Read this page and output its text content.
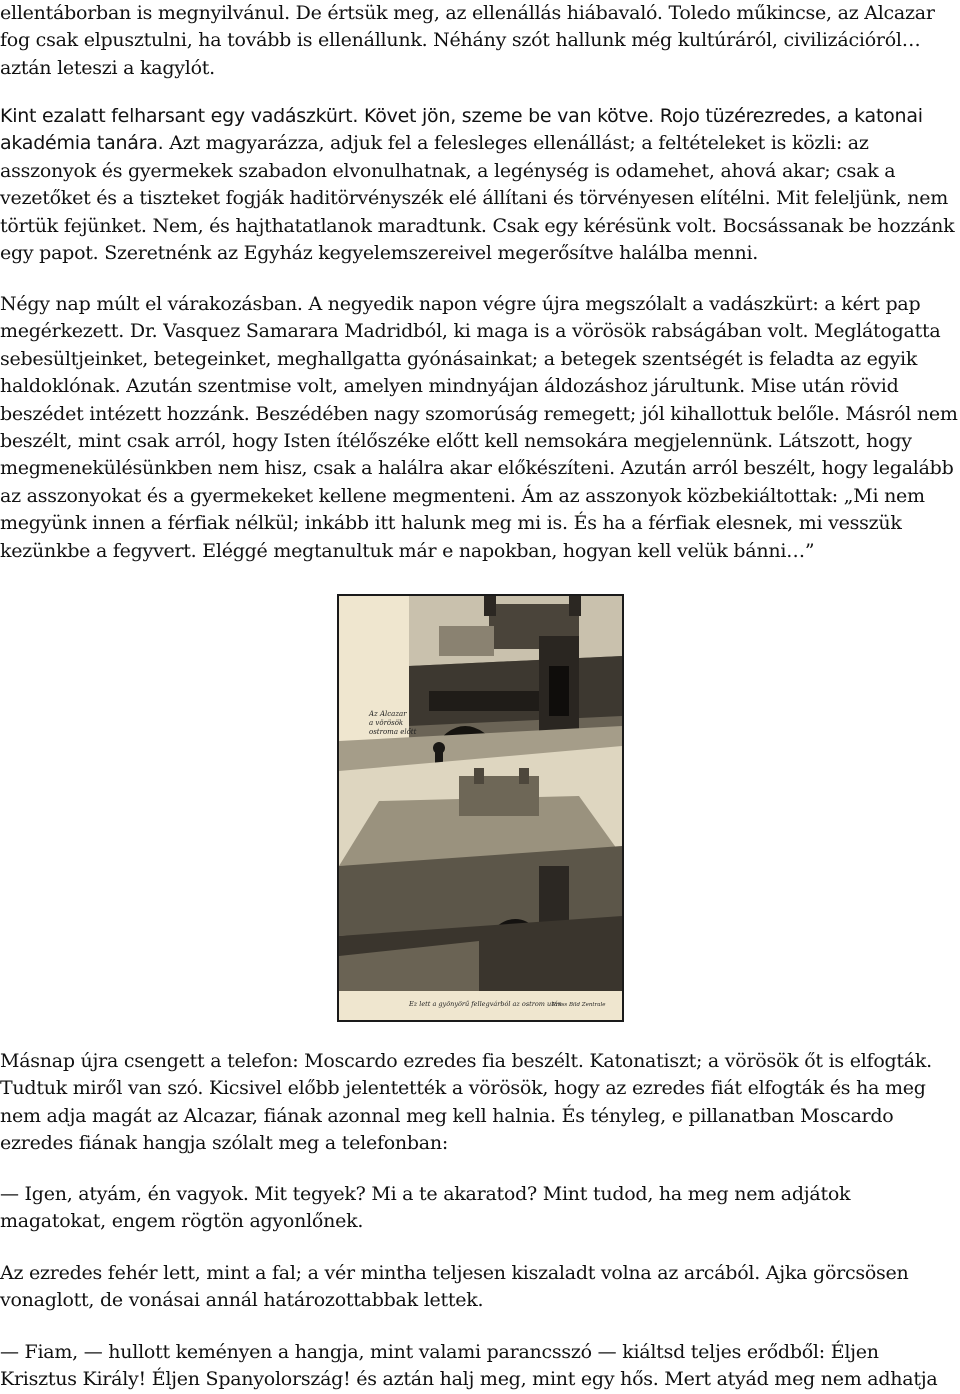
ellentáborban is megnyilvánul. De értsük meg, az ellenállás hiábavaló. Toledo műkincse, az Alcazar fog csak elpusztulni, ha tovább is ellenállunk. Néhány szót hallunk még kultúráról, civilizációról… aztán leteszi a kagylót.

Kint ezalatt felharsant egy vadászkürt. Követ jön, szeme be van kötve. Rojo tüzérezredes, a katonai akadémia tanára. Azt magyarázza, adjuk fel a felesleges ellenállást; a feltételeket is közli: az asszonyok és gyermekek szabadon elvonulhatnak, a legénység is odamehet, ahová akar; csak a vezetőket és a tiszteket fogják haditörvényszék elé állítani és törvényesen elítélni. Mit feleljünk, nem törtük fejünket. Nem, és hajthatatlanok maradtunk. Csak egy kérésünk volt. Bocsássanak be hozzánk egy papot. Szeretnénk az Egyház kegyelemszereivel megerősítve halálba menni.

Négy nap múlt el várakozásban. A negyedik napon végre újra megszólalt a vadászkürt: a kért pap megérkezett. Dr. Vasquez Samarara Madridból, ki maga is a vörösök rabságában volt. Meglátogatta sebesültjeinket, betegeinket, meghallgatta gyónásainkat; a betegek szentségét is feladta az egyik haldoklónak. Azután szentmise volt, amelyen mindnyájan áldozáshoz járultunk. Mise után rövid beszédet intézett hozzánk. Beszédében nagy szomorúság remegett; jól kihallottuk belőle. Másról nem beszélt, mint csak arról, hogy Isten ítélőszéke előtt kell nemsokára megjelennünk. Látszott, hogy megmenekülésünkben nem hisz, csak a halálra akar előkészíteni. Azután arról beszélt, hogy legalább az asszonyokat és a gyermekeket kellene megmenteni. Ám az asszonyok közbekiáltottak: „Mi nem megyünk innen a férfiak nélkül; inkább itt halunk meg mi is. És ha a férfiak elesnek, mi vesszük kezünkbe a fegyvert. Eléggé megtanultuk már e napokban, hogyan kell velük bánni…”

Az Alcazar
a vörösök
ostroma előtt
Ez lett a gyönyörű fellegvárból az ostrom után
Press Bild Zentrale

Másnap újra csengett a telefon: Moscardo ezredes fia beszélt. Katonatiszt; a vörösök őt is elfogták. Tudtuk miről van szó. Kicsivel előbb jelentették a vörösök, hogy az ezredes fiát elfogták és ha meg nem adja magát az Alcazar, fiának azonnal meg kell halnia. És tényleg, e pillanatban Moscardo ezredes fiának hangja szólalt meg a telefonban:

— Igen, atyám, én vagyok. Mit tegyek? Mi a te akaratod? Mint tudod, ha meg nem adjátok magatokat, engem rögtön agyonlőnek.

Az ezredes fehér lett, mint a fal; a vér mintha teljesen kiszaladt volna az arcából. Ajka görcsösen vonaglott, de vonásai annál határozottabbak lettek.

— Fiam, — hullott keményen a hangja, mint valami parancsszó — kiáltsd teljes erődből: Éljen Krisztus Király! Éljen Spanyolország! és aztán halj meg, mint egy hős. Mert atyád meg nem adhatja
